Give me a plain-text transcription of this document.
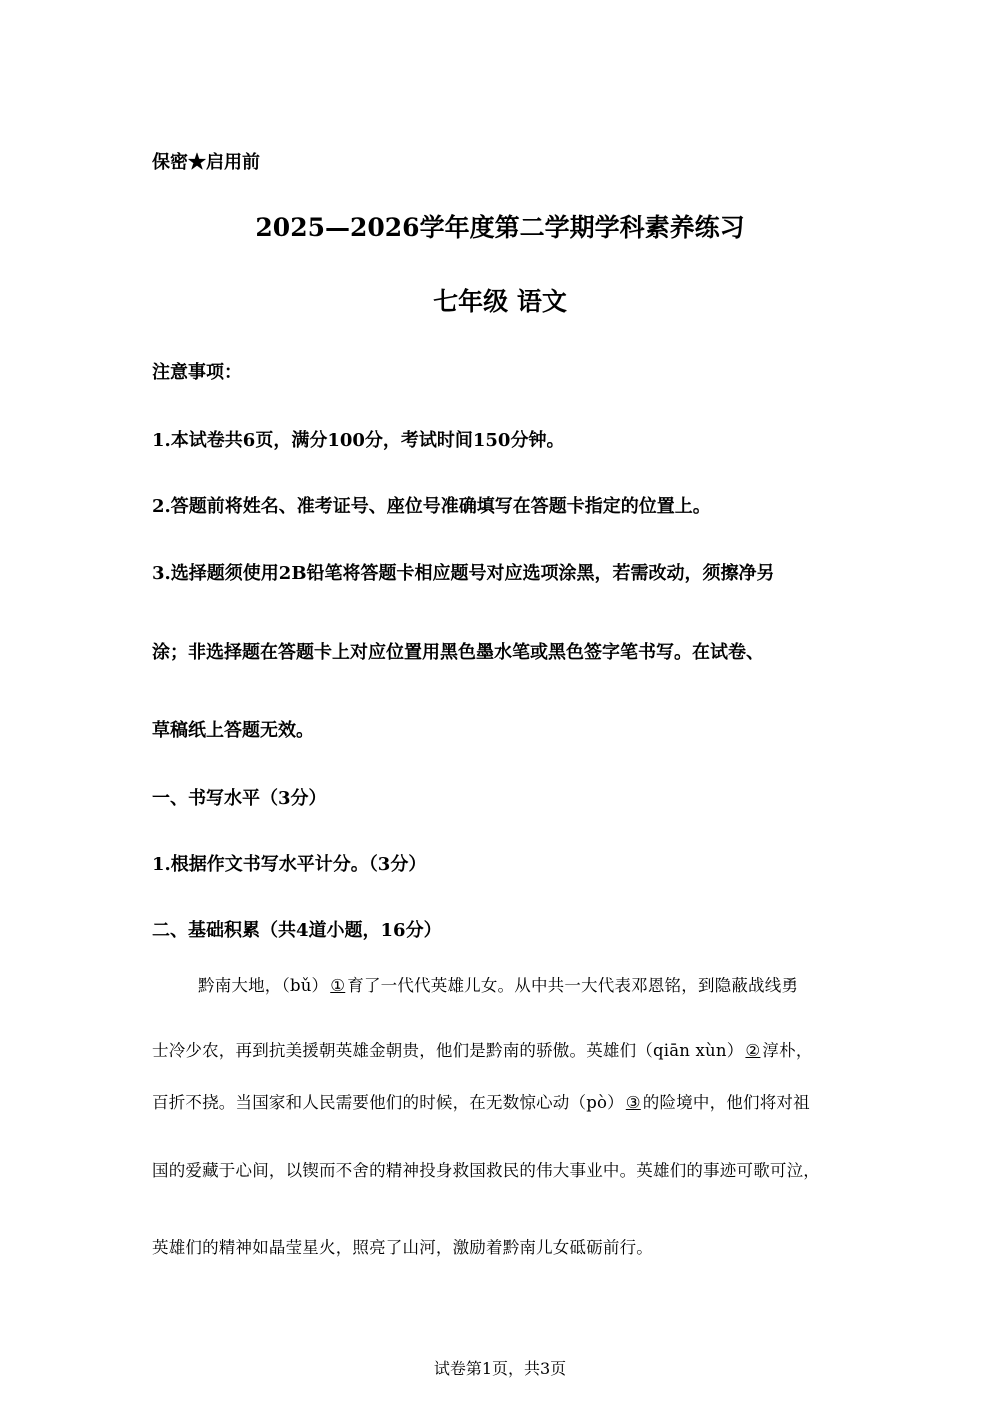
保密★启用前
2025—2026学年度第二学期学科素养练习
七年级 语文
注意事项：
1.本试卷共6页，满分100分，考试时间150分钟。
2.答题前将姓名、准考证号、座位号准确填写在答题卡指定的位置上。
3.选择题须使用2B铅笔将答题卡相应题号对应选项涂黑，若需改动，须擦净另
涂；非选择题在答题卡上对应位置用黑色墨水笔或黑色签字笔书写。在试卷、
草稿纸上答题无效。
一、书写水平（3分）
1.根据作文书写水平计分。（3分）
二、基础积累（共4道小题，16分）
黔南大地，（bǔ） ① 育了一代代英雄儿女。从中共一大代表邓恩铭，到隐蔽战线勇
士冷少农，再到抗美援朝英雄金朝贵，他们是黔南的骄傲。英雄们（qiān xùn） ② 淳朴，
百折不挠。当国家和人民需要他们的时候，在无数惊心动（pò） ③ 的险境中，他们将对祖
国的爱藏于心间，以锲而不舍的精神投身救国救民的伟大事业中。英雄们的事迹可歌可泣，
英雄们的精神如晶莹星火，照亮了山河，激励着黔南儿女砥砺前行。
试卷第1页，共3页
